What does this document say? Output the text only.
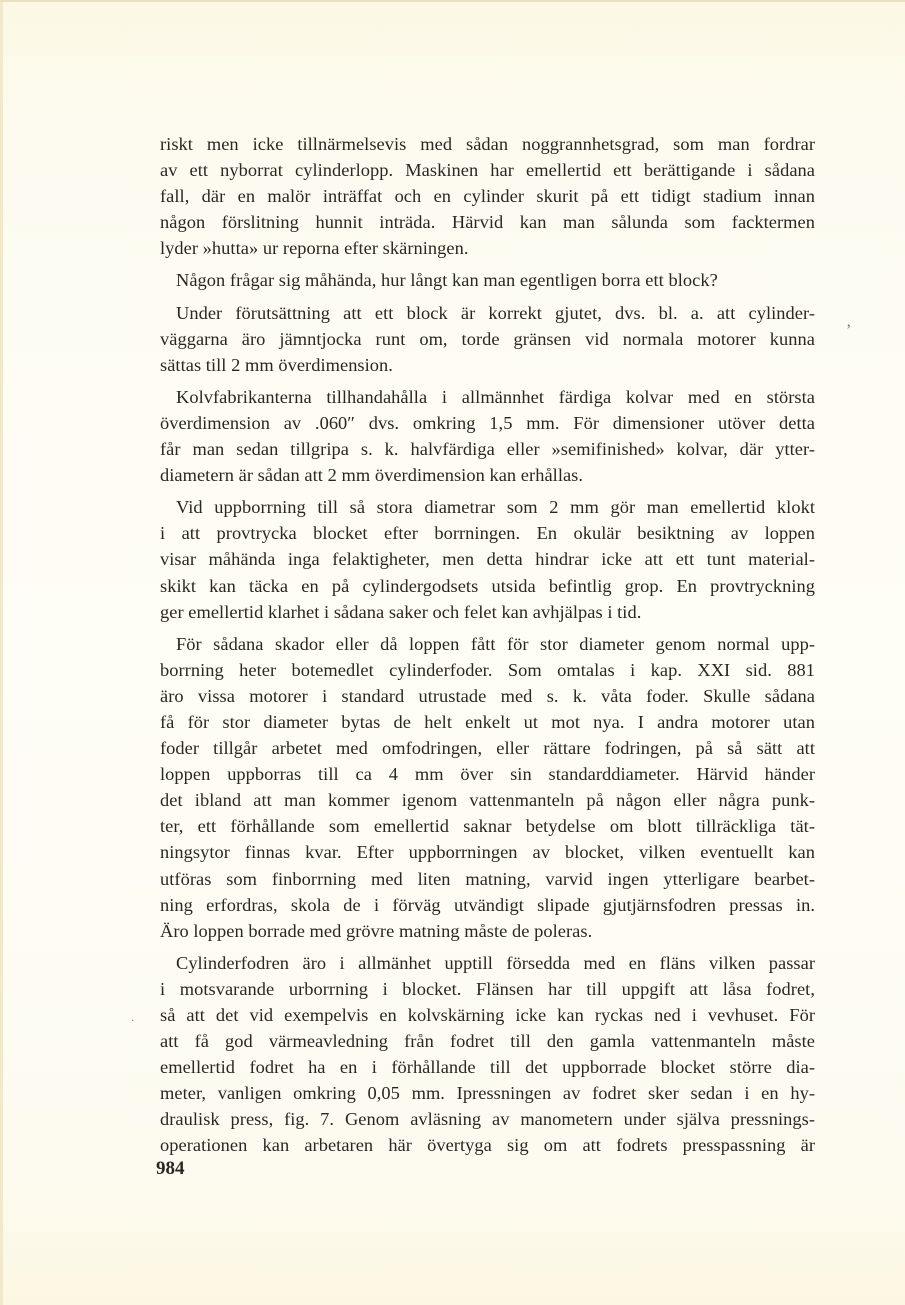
riskt men icke tillnärmelsevis med sådan noggrannhetsgrad, som man fordrar
av ett nyborrat cylinderlopp. Maskinen har emellertid ett berättigande i sådana
fall, där en malör inträffat och en cylinder skurit på ett tidigt stadium innan
någon förslitning hunnit inträda. Härvid kan man sålunda som facktermen
lyder »hutta» ur reporna efter skärningen.
Någon frågar sig måhända, hur långt kan man egentligen borra ett block?
Under förutsättning att ett block är korrekt gjutet, dvs. bl. a. att cylinder-
väggarna äro jämntjocka runt om, torde gränsen vid normala motorer kunna
sättas till 2 mm överdimension.
Kolvfabrikanterna tillhandahålla i allmännhet färdiga kolvar med en största
överdimension av .060″ dvs. omkring 1,5 mm. För dimensioner utöver detta
får man sedan tillgripa s. k. halvfärdiga eller »semifinished» kolvar, där ytter-
diametern är sådan att 2 mm överdimension kan erhållas.
Vid uppborrning till så stora diametrar som 2 mm gör man emellertid klokt
i att provtrycka blocket efter borrningen. En okulär besiktning av loppen
visar måhända inga felaktigheter, men detta hindrar icke att ett tunt material-
skikt kan täcka en på cylindergodsets utsida befintlig grop. En provtryckning
ger emellertid klarhet i sådana saker och felet kan avhjälpas i tid.
För sådana skador eller då loppen fått för stor diameter genom normal upp-
borrning heter botemedlet cylinderfoder. Som omtalas i kap. XXI sid. 881
äro vissa motorer i standard utrustade med s. k. våta foder. Skulle sådana
få för stor diameter bytas de helt enkelt ut mot nya. I andra motorer utan
foder tillgår arbetet med omfodringen, eller rättare fodringen, på så sätt att
loppen uppborras till ca 4 mm över sin standarddiameter. Härvid händer
det ibland att man kommer igenom vattenmanteln på någon eller några punk-
ter, ett förhållande som emellertid saknar betydelse om blott tillräckliga tät-
ningsytor finnas kvar. Efter uppborrningen av blocket, vilken eventuellt kan
utföras som finborrning med liten matning, varvid ingen ytterligare bearbet-
ning erfordras, skola de i förväg utvändigt slipade gjutjärnsfodren pressas in.
Äro loppen borrade med grövre matning måste de poleras.
Cylinderfodren äro i allmänhet upptill försedda med en fläns vilken passar
i motsvarande urborrning i blocket. Flänsen har till uppgift att låsa fodret,
så att det vid exempelvis en kolvskärning icke kan ryckas ned i vevhuset. För
att få god värmeavledning från fodret till den gamla vattenmanteln måste
emellertid fodret ha en i förhållande till det uppborrade blocket större dia-
meter, vanligen omkring 0,05 mm. Ipressningen av fodret sker sedan i en hy-
draulisk press, fig. 7. Genom avläsning av manometern under själva pressnings-
operationen kan arbetaren här övertyga sig om att fodrets presspassning är
984
ʼ
·
